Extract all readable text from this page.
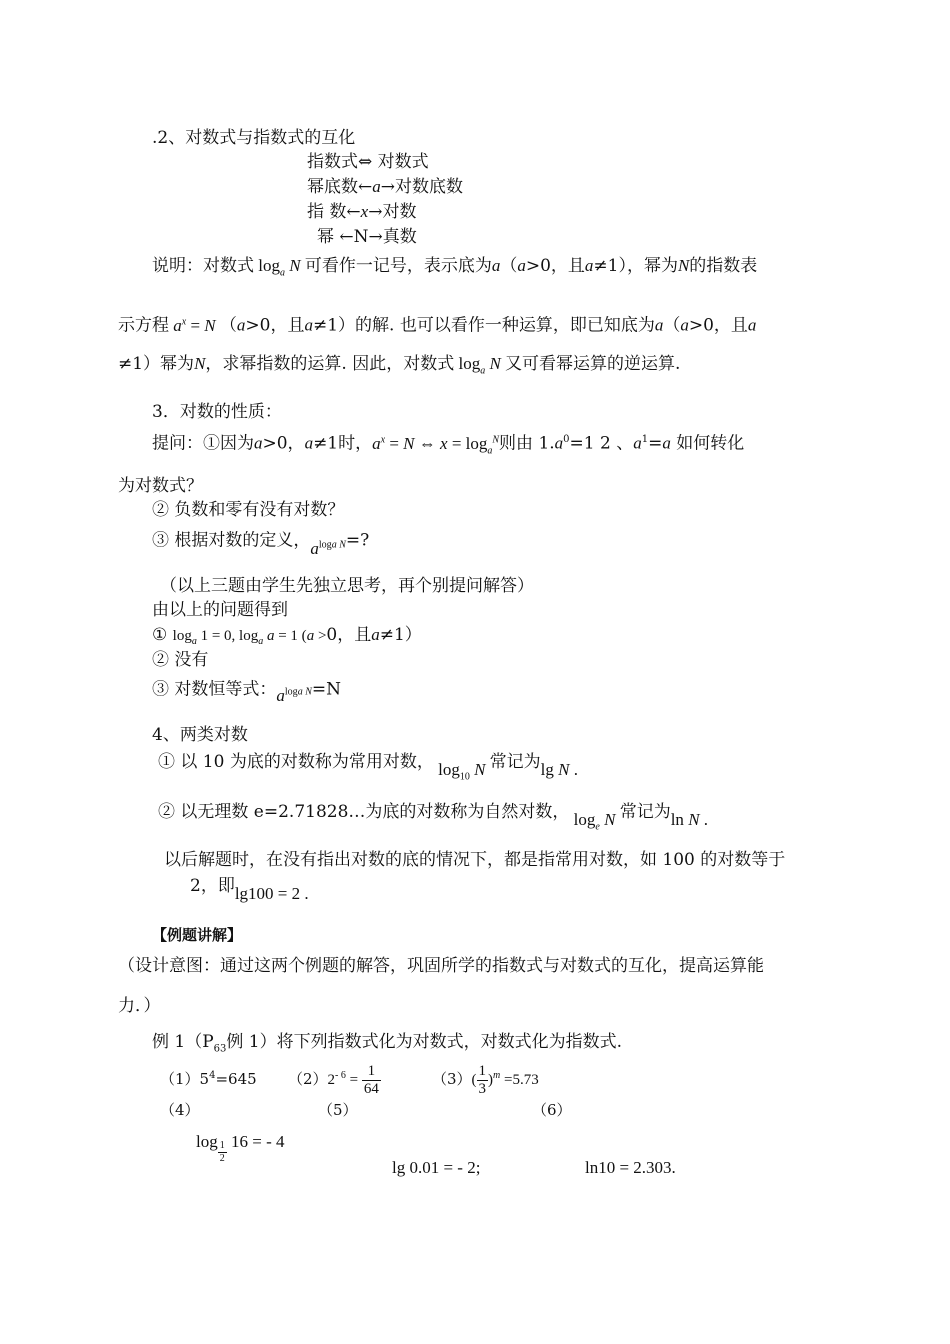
.2、对数式与指数式的互化
指数式⇔ 对数式
幂底数←a→对数底数
指 数←x→对数
幂 ←N→真数
说明：对数式 $\log_a N$ 可看作一记号，表示底为a（a>0，且a≠1），幂为N的指数表
示方程 $a^x = N$ （a>0，且a≠1）的解. 也可以看作一种运算，即已知底为a（a>0，且a
≠1）幂为N，求幂指数的运算. 因此，对数式 $\log_a N$ 又可看幂运算的逆运算.
3．对数的性质：
提问：①因为a>0，a≠1时，$a^x = N$ ⇔ $x = \log_a^N$则由 $1.a^0=1$ 2 、$a^1=a$ 如何转化
为对数式？
② 负数和零有没有对数？
③ 根据对数的定义，$a^{loga N}=$?
（以上三题由学生先独立思考，再个别提问解答）
由以上的问题得到
① $\log_a 1 = 0$, $\log_a a = 1$ (a >0，且a≠1）
② 没有
③ 对数恒等式：$a^{loga N}=N$
4、两类对数
① 以 10 为底的对数称为常用对数， $\log_{10} N$ 常记为lg N .
② 以无理数 e=2.71828…为底的对数称为自然对数， $\log_e N$ 常记为ln N .
以后解题时，在没有指出对数的底的情况下，都是指常用对数，如 100 的对数等于
2，即lg100 = 2 .
【例题讲解】
（设计意图：通过这两个例题的解答，巩固所学的指数式与对数式的互化，提高运算能
力．）
例 $1(P_{63}$例 1）将下列指数式化为对数式，对数式化为指数式.
$(1)5^4=645$ $(2)2^{- 6} = \frac{1}{64}$	$(3)( \frac{1}{3} )^m =5.73$
（4）	（5）	（6）
$\log \frac{1}{2} 16$ = - 4
lg 0.01 = - 2;	ln10 = 2.303.
